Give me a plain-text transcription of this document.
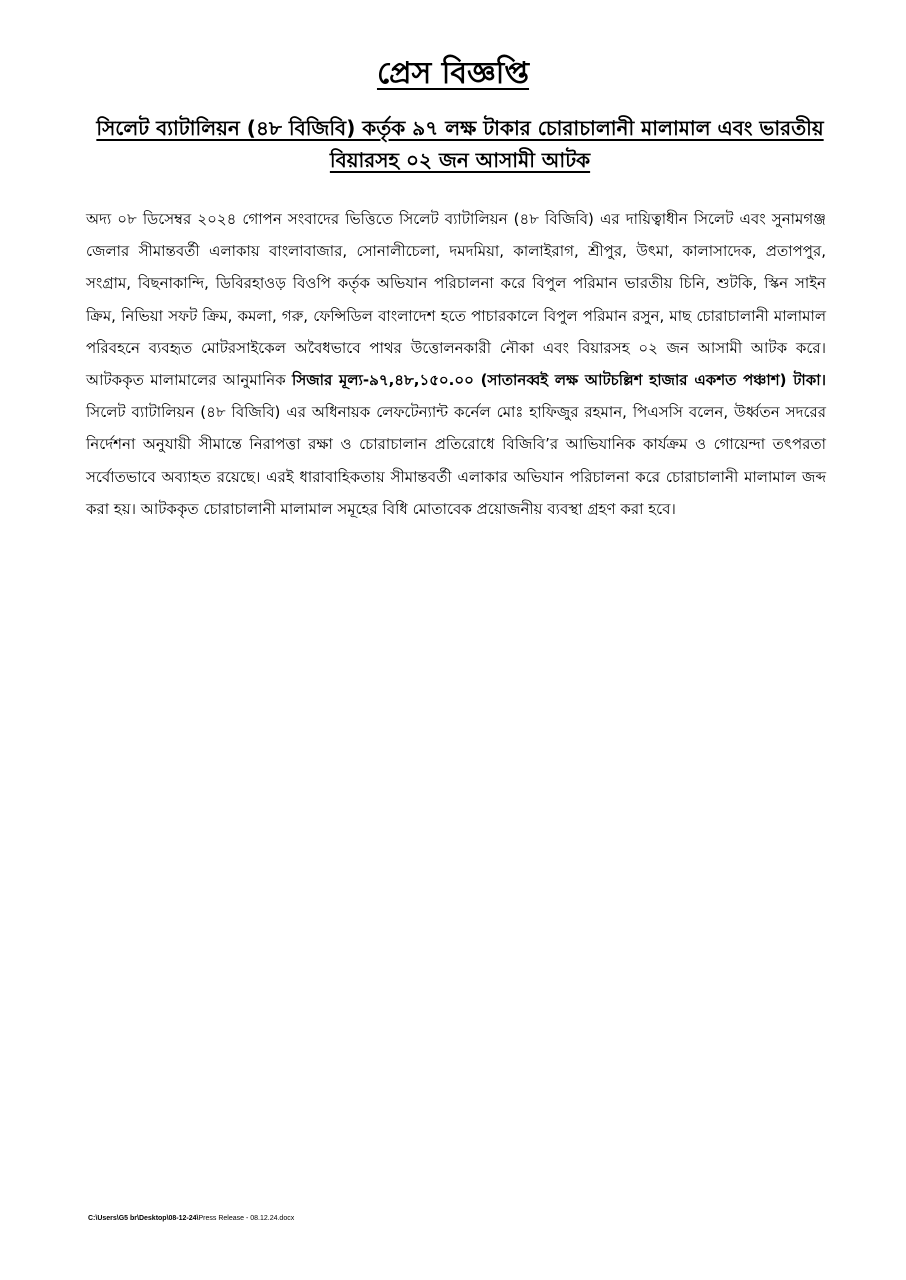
প্রেস বিজ্ঞপ্তি
সিলেট ব্যাটালিয়ন (৪৮ বিজিবি) কর্তৃক ৯৭ লক্ষ টাকার চোরাচালানী মালামাল এবং ভারতীয় বিয়ারসহ ০২ জন আসামী আটক

অদ্য ০৮ ডিসেম্বর ২০২৪ গোপন সংবাদের ভিত্তিতে সিলেট ব্যাটালিয়ন (৪৮ বিজিবি) এর দায়িত্বাধীন সিলেট এবং সুনামগঞ্জ জেলার সীমান্তবর্তী এলাকায় বাংলাবাজার, সোনালীচেলা, দমদমিয়া, কালাইরাগ, শ্রীপুর, উৎমা, কালাসাদেক, প্রতাপপুর, সংগ্রাম, বিছনাকান্দি, ডিবিরহাওড় বিওপি কর্তৃক অভিযান পরিচালনা করে বিপুল পরিমান ভারতীয় চিনি, শুটকি, স্কিন সাইন ক্রিম, নিভিয়া সফট ক্রিম, কমলা, গরু, ফেন্সিডিল বাংলাদেশ হতে পাচারকালে বিপুল পরিমান রসুন, মাছ চোরাচালানী মালামাল পরিবহনে ব্যবহৃত মোটরসাইকেল অবৈধভাবে পাথর উত্তোলনকারী নৌকা এবং বিয়ারসহ ০২ জন আসামী আটক করে। আটককৃত মালামালের আনুমানিক সিজার মূল্য-৯৭,৪৮,১৫০.০০ (সাতানব্বই লক্ষ আটচল্লিশ হাজার একশত পঞ্চাশ) টাকা। সিলেট ব্যাটালিয়ন (৪৮ বিজিবি) এর অধিনায়ক লেফটেন্যান্ট কর্নেল মোঃ হাফিজুর রহমান, পিএসসি বলেন, উর্ধ্বতন সদরের নির্দেশনা অনুযায়ী সীমান্তে নিরাপত্তা রক্ষা ও চোরাচালান প্রতিরোধে বিজিবি’র আভিযানিক কার্যক্রম ও গোয়েন্দা তৎপরতা সর্বোতভাবে অব্যাহত রয়েছে। এরই ধারাবাহিকতায় সীমান্তবর্তী এলাকার অভিযান পরিচালনা করে চোরাচালানী মালামাল জব্দ করা হয়। আটককৃত চোরাচালানী মালামাল সমূহের বিধি মোতাবেক প্রয়োজনীয় ব্যবস্থা গ্রহণ করা হবে।

C:\Users\G5 br\Desktop\08-12-24\Press Release - 08.12.24.docx
